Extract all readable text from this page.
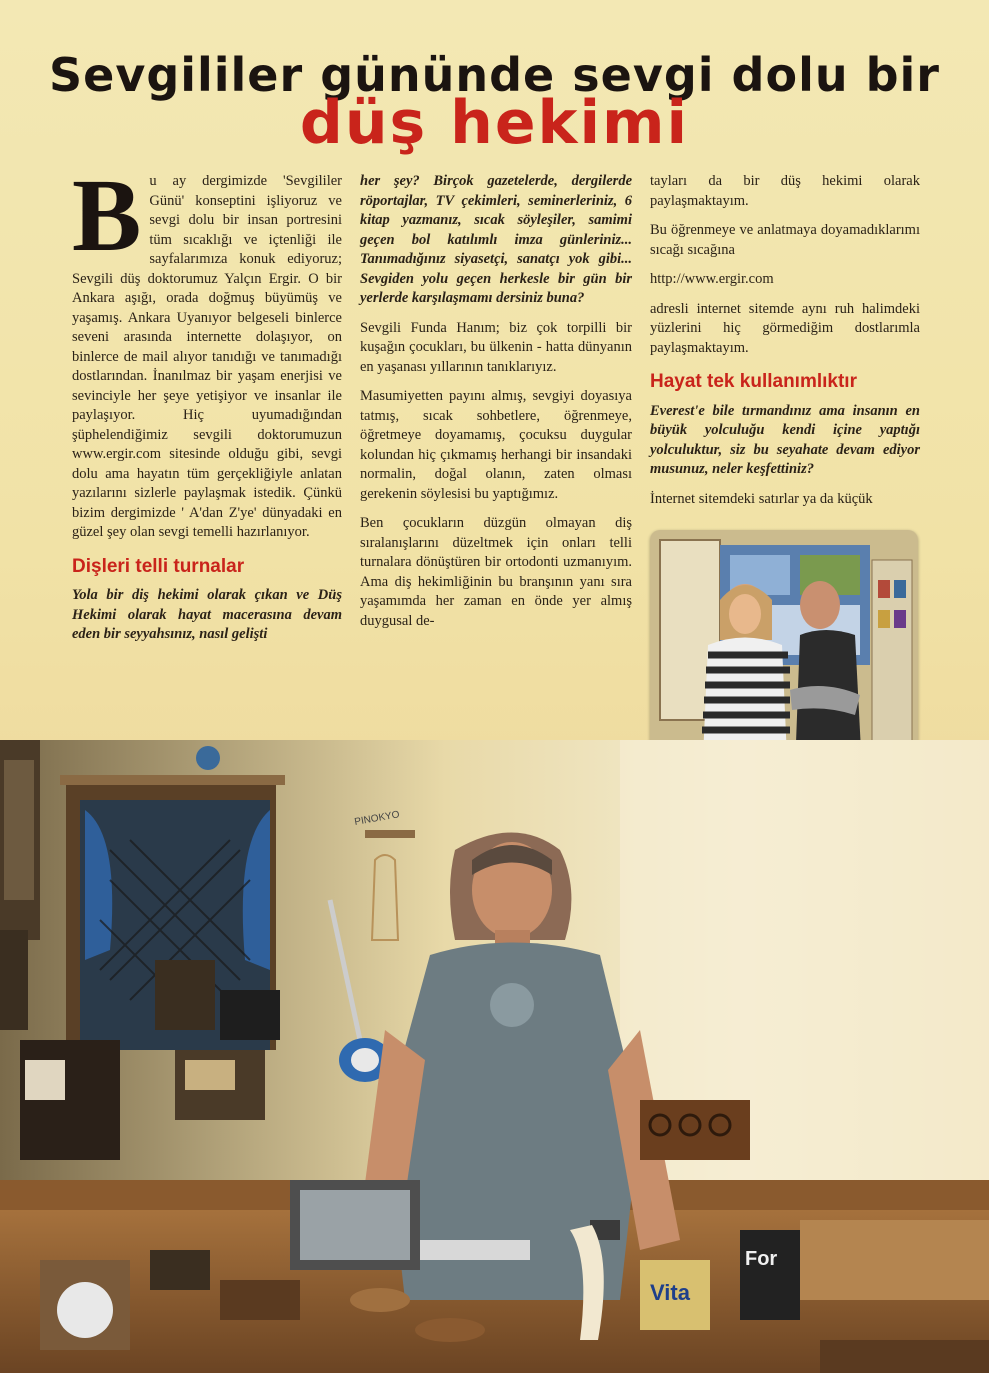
Sevgililer gününde sevgi dolu bir
düş hekimi

Bu ay dergimizde 'Sevgililer Günü' konseptini işliyoruz ve sevgi dolu bir insan portresini tüm sıcaklığı ve içtenliği ile sayfalarımıza konuk ediyoruz; Sevgili düş doktorumuz Yalçın Ergir. O bir Ankara aşığı, orada doğmuş büyümüş ve yaşamış. Ankara Uyanıyor belgeseli binlerce seveni arasında internette dolaşıyor, on binlerce de mail alıyor tanıdığı ve tanımadığı dostlarından. İnanılmaz bir yaşam enerjisi ve sevinciyle her şeye yetişiyor ve insanlar ile paylaşıyor. Hiç uyumadığından şüphelendiğimiz sevgili doktorumuzun www.ergir.com sitesinde olduğu gibi, sevgi dolu ama hayatın tüm gerçekliğiyle anlatan yazılarını sizlerle paylaşmak istedik. Çünkü bizim dergimizde ' A'dan Z'ye' dünyadaki en güzel şey olan sevgi temelli hazırlanıyor.

Dişleri telli turnalar

Yola bir diş hekimi olarak çıkan ve Düş Hekimi olarak hayat macerasına devam eden bir seyyahsınız, nasıl gelişti

her şey? Birçok gazetelerde, dergilerde röportajlar, TV çekimleri, seminerleriniz, 6 kitap yazmanız, sıcak söyleşiler, samimi geçen bol katılımlı imza günleriniz... Tanımadığınız siyasetçi, sanatçı yok gibi... Sevgiden yolu geçen herkesle bir gün bir yerlerde karşılaşmamı dersiniz buna?

Sevgili Funda Hanım; biz çok torpilli bir kuşağın çocukları, bu ülkenin - hatta dünyanın en yaşanası yıllarının tanıklarıyız.

Masumiyetten payını almış, sevgiyi doyasıya tatmış, sıcak sohbetlere, öğrenmeye, öğretmeye doyamamış, çocuksu duygular kolundan hiç çıkmamış herhangi bir insandaki normalin, doğal olanın, zaten olması gerekenin söylesisi bu yaptığımız.

Ben çocukların düzgün olmayan diş sıralanışlarını düzeltmek için onları telli turnalara dönüştüren bir ortodonti uzmanıyım. Ama diş hekimliğinin bu branşının yanı sıra yaşamımda her zaman en önde yer almış duygusal de-

tayları da bir düş hekimi olarak paylaşmaktayım.

Bu öğrenmeye ve anlatmaya doyamadıklarımı sıcağı sıcağına

http://www.ergir.com

adresli internet sitemde aynı ruh halimdeki yüzlerini hiç görmediğim dostlarımla paylaşmaktayım.

Hayat tek kullanımlıktır

Everest'e bile tırmandınız ama insanın en büyük yolculuğu kendi içine yaptığı yolculuktur, siz bu seyahate devam ediyor musunuz, neler keşfettiniz?

İnternet sitemdeki satırlar ya da küçük

PINOKYO
Vita
For
